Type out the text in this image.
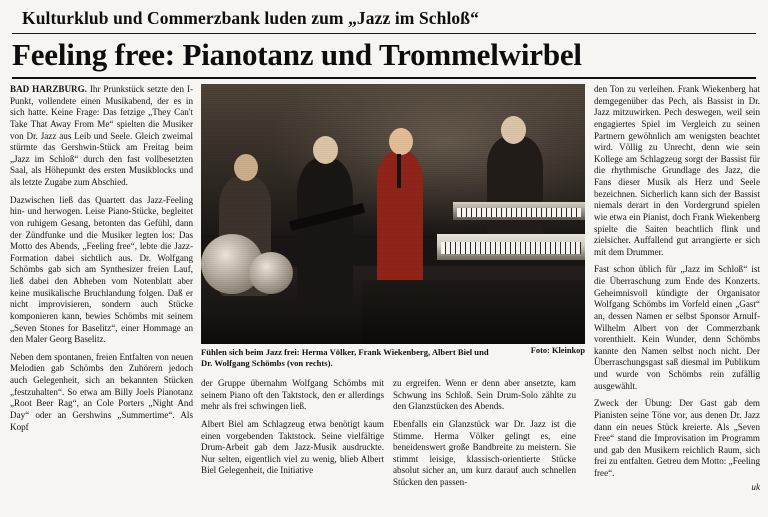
Kulturklub und Commerzbank luden zum „Jazz im Schloß“
Feeling free: Pianotanz und Trommelwirbel

BAD HARZBURG. Ihr Prunkstück setzte den I-Punkt, vollendete einen Musikabend, der es in sich hatte. Keine Frage: Das fetzige „They Can't Take That Away From Me“ spielten die Musiker von Dr. Jazz aus Leib und Seele. Gleich zweimal stürmte das Gershwin-Stück am Freitag beim „Jazz im Schloß“ durch den fast vollbesetzten Saal, als Höhepunkt des ersten Musikblocks und als letzte Zugabe zum Abschied.

Dazwischen ließ das Quartett das Jazz-Feeling hin- und herwogen. Leise Piano-Stücke, begleitet von ruhigem Gesang, betonten das Gefühl, dann der Zündfunke und die Musiker legten los: Das Motto des Abends, „Feeling free“, lebte die Jazz-Formation dabei sichtlich aus. Dr. Wolfgang Schömbs gab sich am Synthesizer freien Lauf, ließ dabei den Abheben vom Notenblatt aber keine musikalische Bruchlandung folgen. Daß er nicht improvisieren, sondern auch Stücke komponieren kann, bewies Schömbs mit seinem „Seven Stones for Baselitz“, einer Hommage an den Maler Georg Baselitz.

Neben dem spontanen, freien Entfalten von neuen Melodien gab Schömbs den Zuhörern jedoch auch Gelegenheit, sich an bekannten Stücken „festzuhalten“. So etwa am Billy Joels Pianotanz „Root Beer Rag“, an Cole Porters „Night And Day“ oder an Gershwins „Summertime“. Als Kopf

Fühlen sich beim Jazz frei: Herma Völker, Frank Wiekenberg, Albert Biel und Dr. Wolfgang Schömbs (von rechts).
Foto: Kleinkop

der Gruppe übernahm Wolfgang Schömbs mit seinem Piano oft den Taktstock, den er allerdings mehr als frei schwingen ließ.

Albert Biel am Schlagzeug etwa benötigt kaum einen vorgebenden Taktstock. Seine vielfältige Drum-Arbeit gab dem Jazz-Musik ausdruckte. Nur selten, eigentlich viel zu wenig, blieb Albert Biel Gelegenheit, die Initiative

zu ergreifen. Wenn er denn aber ansetzte, kam Schwung ins Schloß. Sein Drum-Solo zählte zu den Glanzstücken des Abends.

Ebenfalls ein Glanzstück war Dr. Jazz ist die Stimme. Herma Völker gelingt es, eine beneidenswert große Bandbreite zu meistern. Sie stimmt leisige, klassisch-orientierte Stücke absolut sicher an, um kurz darauf auch schnellen Stücken den passen-

den Ton zu verleihen. Frank Wiekenberg hat demgegenüber das Pech, als Bassist in Dr. Jazz mitzuwirken. Pech deswegen, weil sein engagiertes Spiel im Vergleich zu seinen Partnern gewöhnlich am wenigsten beachtet wird. Völlig zu Unrecht, denn wie sein Kollege am Schlagzeug sorgt der Bassist für die rhythmische Grundlage des Jazz, die Fans dieser Musik als Herz und Seele bezeichnen. Sicherlich kann sich der Bassist niemals derart in den Vordergrund spielen wie etwa ein Pianist, doch Frank Wiekenberg spielte die Saiten beachtlich flink und zielsicher. Auffallend gut arrangierte er sich mit dem Drummer.

Fast schon üblich für „Jazz im Schloß“ ist die Überraschung zum Ende des Konzerts. Geheimnisvoll kündigte der Organisator Wolfgang Schömbs im Vorfeld einen „Gast“ an, dessen Namen er selbst Sponsor Arnulf-Wilhelm Albert von der Commerzbank vorenthielt. Kein Wunder, denn Schömbs kannte den Namen selbst noch nicht. Der Überraschungsgast saß diesmal im Publikum und wurde von Schömbs rein zufällig ausgewählt.

Zweck der Übung: Der Gast gab dem Pianisten seine Töne vor, aus denen Dr. Jazz dann ein neues Stück kreierte. Als „Seven Free“ stand die Improvisation im Programm und gab den Musikern reichlich Raum, sich frei zu entfalten. Getreu dem Motto: „Feeling free“.

uk
